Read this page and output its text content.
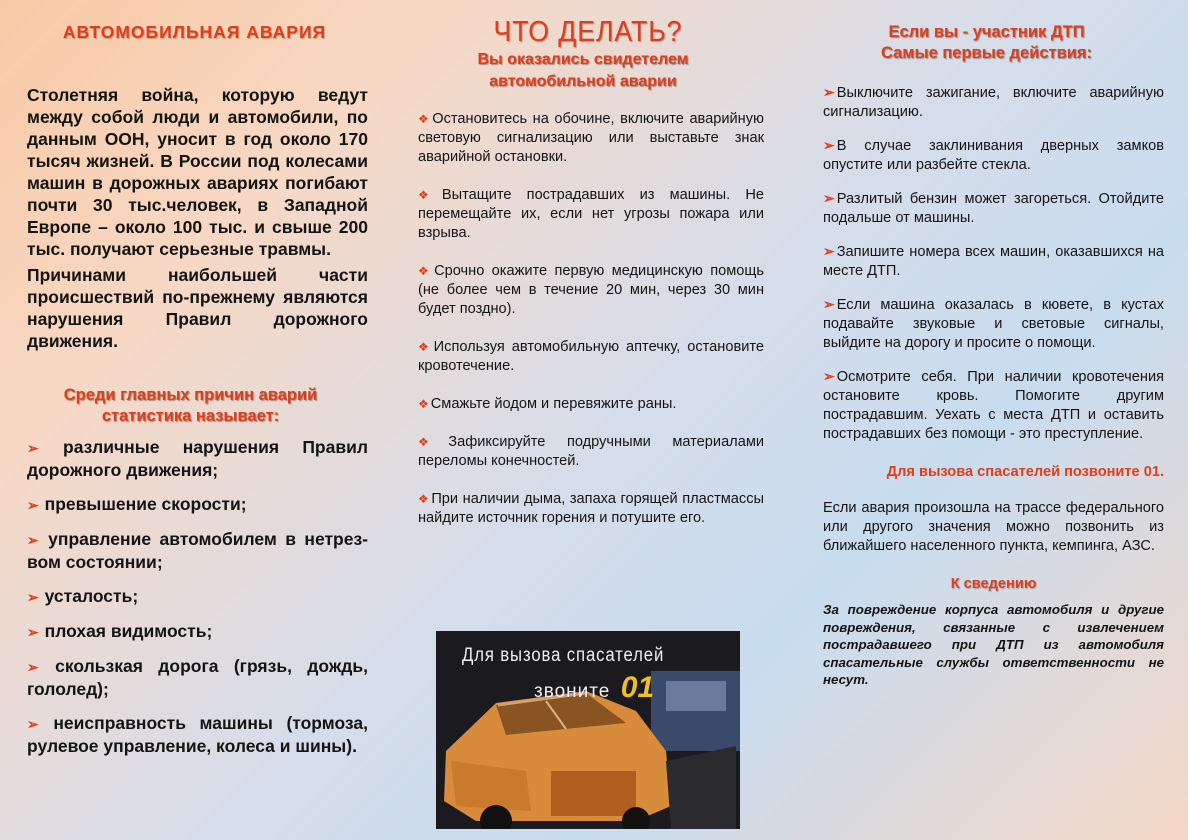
АВТОМОБИЛЬНАЯ АВАРИЯ

Столетняя война, которую ведут между собой люди и автомобили, по данным ООН, уносит в год около 170 тысяч жизней. В России под колесами машин в дорожных авариях погибают почти 30 тыс.человек, в Западной Европе – около 100 тыс. и свыше 200 тыс. получают серьезные травмы.

Причинами наибольшей части происшествий по-прежнему являются нарушения Правил дорожного движения.

Среди главных причин аварий статистика называет:

➢ различные нарушения Правил дорожного движения;

➢ превышение скорости;

➢ управление автомобилем в нетрез-вом состоянии;

➢ усталость;

➢ плохая видимость;

➢ скользкая дорога (грязь, дождь, гололед);

➢ неисправность машины (тормоза, рулевое управление, колеса и шины).

ЧТО ДЕЛАТЬ?
Вы оказались свидетелем автомобильной аварии

❖ Остановитесь на обочине, включите аварийную световую сигнализацию или выставьте знак аварийной остановки.

❖ Вытащите пострадавших из машины. Не перемещайте их, если нет угрозы пожара или взрыва.

❖ Срочно окажите первую медицинскую помощь (не более чем в течение 20 мин, через 30 мин будет поздно).

❖ Используя автомобильную аптечку, остановите кровотечение.

❖ Смажьте йодом и перевяжите раны.

❖ Зафиксируйте подручными материалами переломы конечностей.

❖ При наличии дыма, запаха горящей пластмассы найдите источник горения и потушите его.

Для вызова спасателей
звоните 01
Если вы - участник ДТП
Самые первые действия:

➢ Выключите зажигание, включите аварийную сигнализацию.

➢ В случае заклинивания дверных замков опустите или разбейте стекла.

➢ Разлитый бензин может загореться. Отойдите подальше от машины.

➢ Запишите номера всех машин, оказавшихся на месте ДТП.

➢ Если машина оказалась в кювете, в кустах подавайте звуковые и световые сигналы, выйдите на дорогу и просите о помощи.

➢ Осмотрите себя. При наличии кровотечения остановите кровь. Помогите другим пострадавшим. Уехать с места ДТП и оставить пострадавших без помощи - это преступление.

Для вызова спасателей позвоните 01.

Если авария произошла на трассе федерального или другого значения можно позвонить из ближайшего населенного пункта, кемпинга, АЗС.

К сведению

За повреждение корпуса автомобиля и другие повреждения, связанные с извлечением пострадавшего при ДТП из автомобиля спасательные службы ответственности не несут.
